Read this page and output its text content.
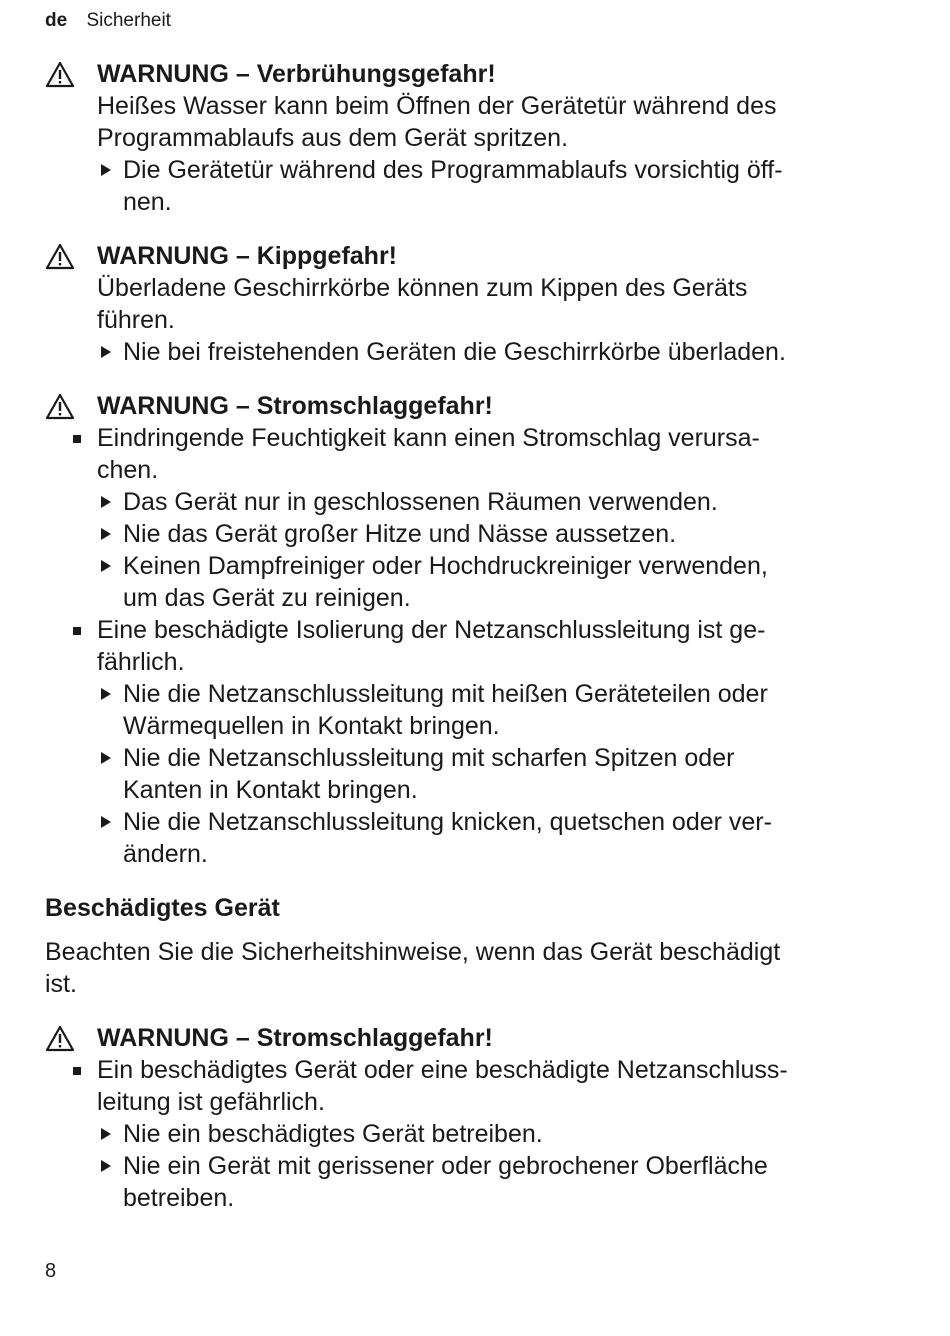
de Sicherheit
WARNUNG – Verbrühungsgefahr!
Heißes Wasser kann beim Öffnen der Gerätetür während des
Programmablaufs aus dem Gerät spritzen.
Die Gerätetür während des Programmablaufs vorsichtig öff-
nen.
WARNUNG – Kippgefahr!
Überladene Geschirrkörbe können zum Kippen des Geräts
führen.
Nie bei freistehenden Geräten die Geschirrkörbe überladen.
WARNUNG – Stromschlaggefahr!
Eindringende Feuchtigkeit kann einen Stromschlag verursa-
chen.
Das Gerät nur in geschlossenen Räumen verwenden.
Nie das Gerät großer Hitze und Nässe aussetzen.
Keinen Dampfreiniger oder Hochdruckreiniger verwenden,
um das Gerät zu reinigen.
Eine beschädigte Isolierung der Netzanschlussleitung ist ge-
fährlich.
Nie die Netzanschlussleitung mit heißen Geräteteilen oder
Wärmequellen in Kontakt bringen.
Nie die Netzanschlussleitung mit scharfen Spitzen oder
Kanten in Kontakt bringen.
Nie die Netzanschlussleitung knicken, quetschen oder ver-
ändern.
Beschädigtes Gerät
Beachten Sie die Sicherheitshinweise, wenn das Gerät beschädigt
ist.
WARNUNG – Stromschlaggefahr!
Ein beschädigtes Gerät oder eine beschädigte Netzanschluss-
leitung ist gefährlich.
Nie ein beschädigtes Gerät betreiben.
Nie ein Gerät mit gerissener oder gebrochener Oberfläche
betreiben.
8
